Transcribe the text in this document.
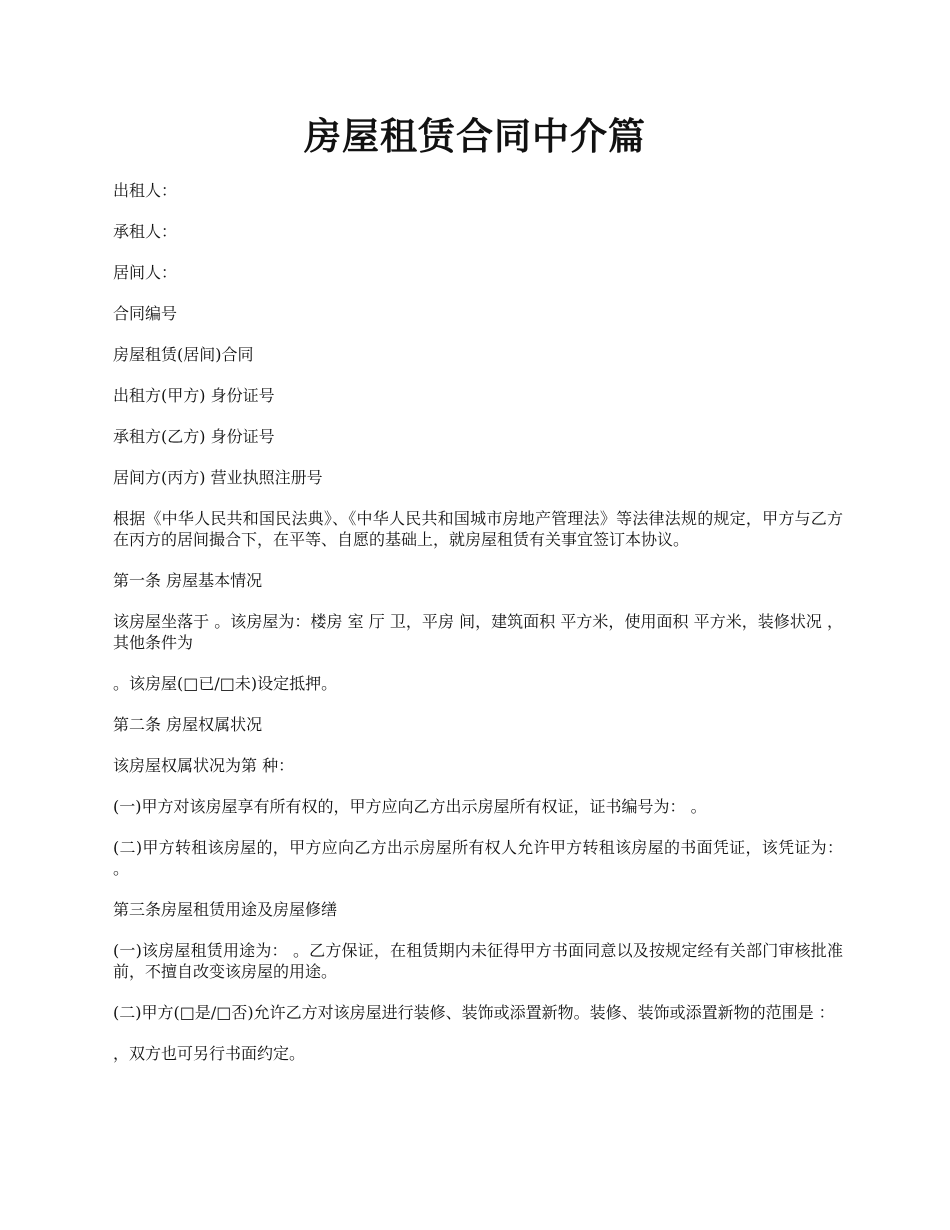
房屋租赁合同中介篇

出租人：

承租人：

居间人：

合同编号

房屋租赁(居间)合同

出租方(甲方) 身份证号

承租方(乙方) 身份证号

居间方(丙方) 营业执照注册号

根据《中华人民共和国民法典》、《中华人民共和国城市房地产管理法》等法律法规的规定，甲方与乙方在丙方的居间撮合下，在平等、自愿的基础上，就房屋租赁有关事宜签订本协议。

第一条 房屋基本情况

该房屋坐落于 。该房屋为：楼房 室 厅 卫，平房 间，建筑面积 平方米，使用面积 平方米，装修状况 ，其他条件为

。该房屋(□已/□未)设定抵押。

第二条 房屋权属状况

该房屋权属状况为第 种：

(一)甲方对该房屋享有所有权的，甲方应向乙方出示房屋所有权证，证书编号为： 。

(二)甲方转租该房屋的，甲方应向乙方出示房屋所有权人允许甲方转租该房屋的书面凭证，该凭证为： 。

第三条房屋租赁用途及房屋修缮

(一)该房屋租赁用途为： 。乙方保证，在租赁期内未征得甲方书面同意以及按规定经有关部门审核批准前，不擅自改变该房屋的用途。

(二)甲方(□是/□否)允许乙方对该房屋进行装修、装饰或添置新物。装修、装饰或添置新物的范围是 ：

，双方也可另行书面约定。
